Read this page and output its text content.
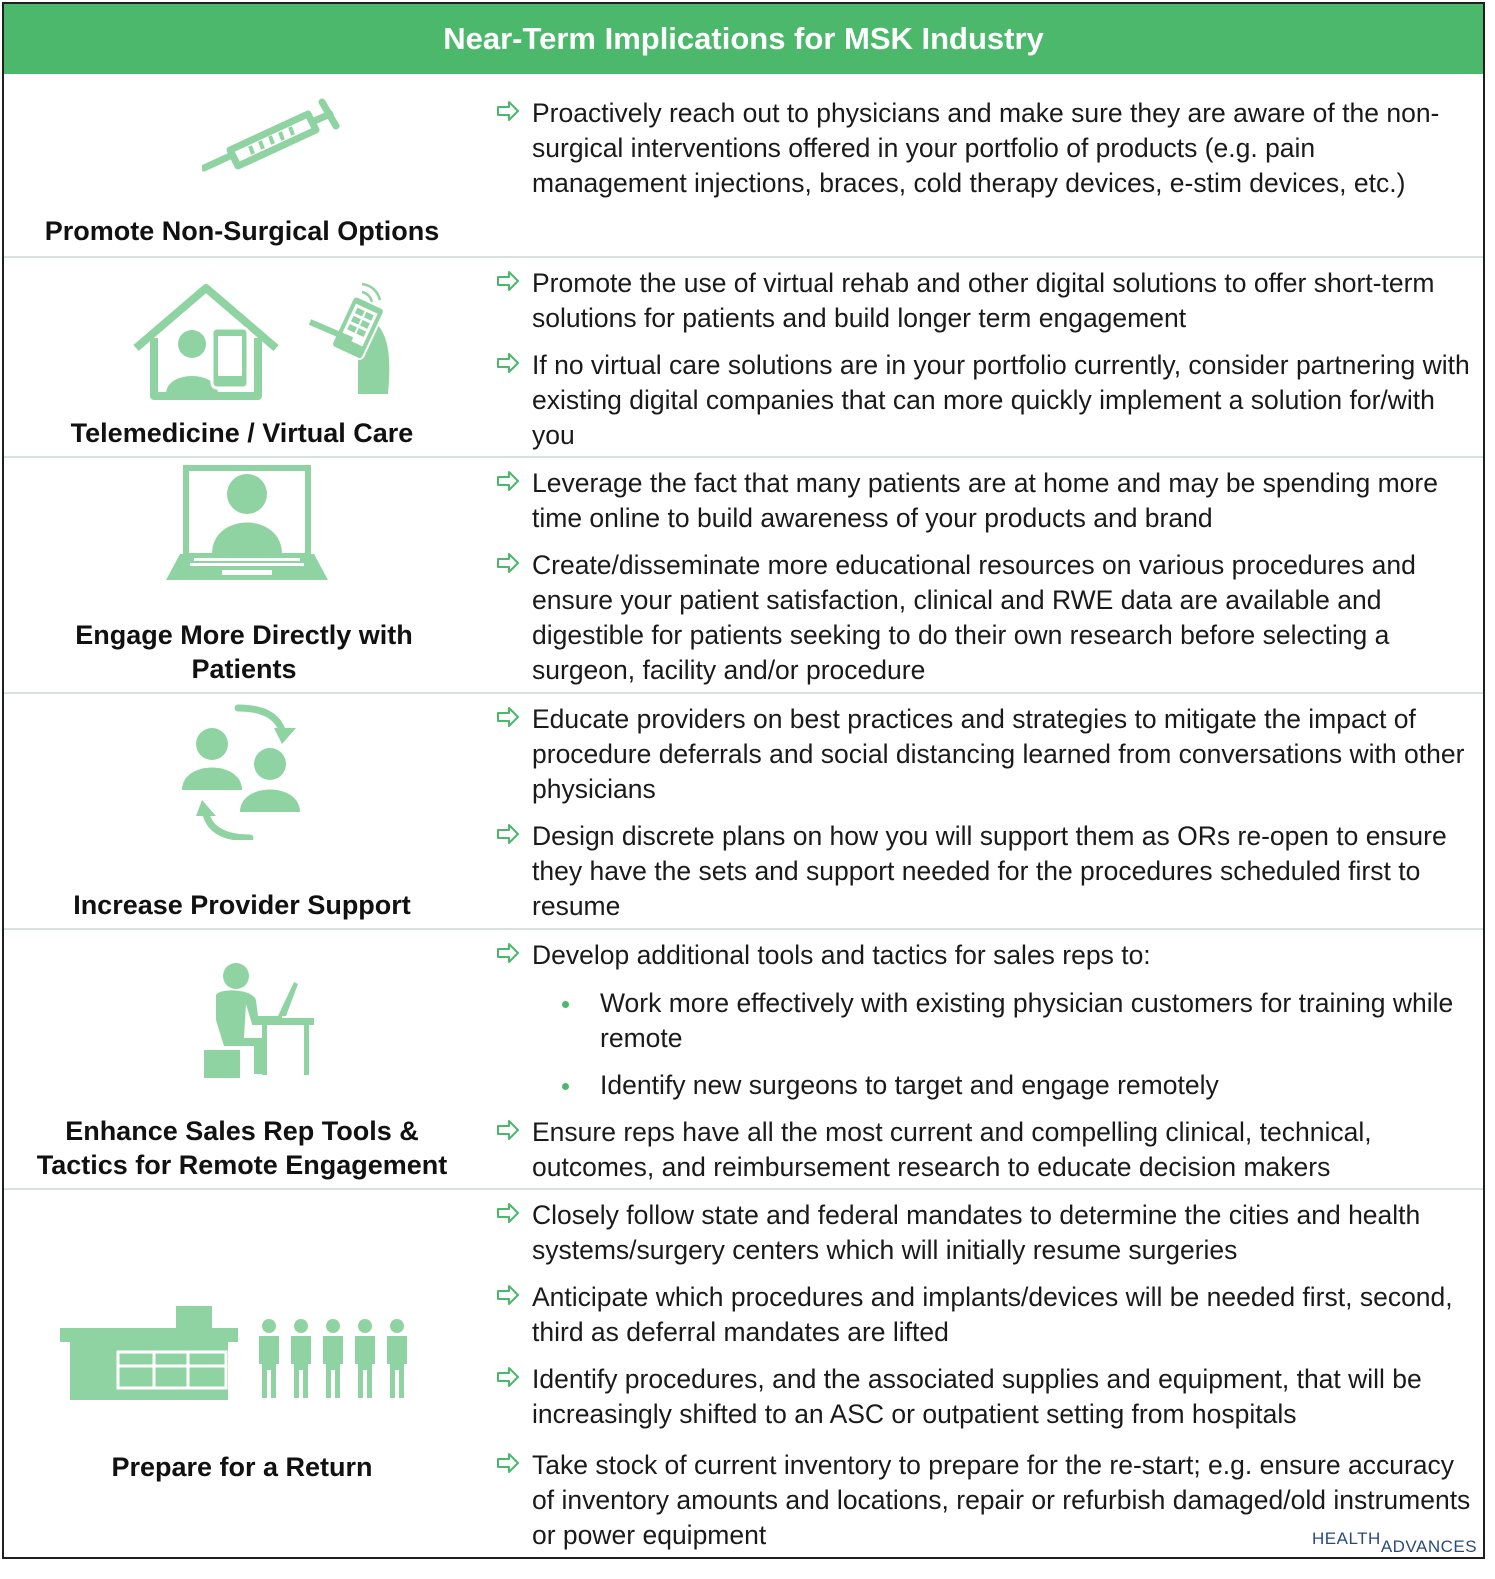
Near-Term Implications for MSK Industry
Promote Non-Surgical Options
Proactively reach out to physicians and make sure they are aware of the non-surgical interventions offered in your portfolio of products (e.g. pain management injections, braces, cold therapy devices, e-stim devices, etc.)
Telemedicine / Virtual Care
Promote the use of virtual rehab and other digital solutions to offer short-term solutions for patients and build longer term engagement
If no virtual care solutions are in your portfolio currently, consider partnering with existing digital companies that can more quickly implement a solution for/with you
Engage More Directly with Patients
Leverage the fact that many patients are at home and may be spending more time online to build awareness of your products and brand
Create/disseminate more educational resources on various procedures and ensure your patient satisfaction, clinical and RWE data are available and digestible for patients seeking to do their own research before selecting a surgeon, facility and/or procedure
Increase Provider Support
Educate providers on best practices and strategies to mitigate the impact of procedure deferrals and social distancing learned from conversations with other physicians
Design discrete plans on how you will support them as ORs re-open to ensure they have the sets and support needed for the procedures scheduled first to resume
Enhance Sales Rep Tools & Tactics for Remote Engagement
Develop additional tools and tactics for sales reps to:
Work more effectively with existing physician customers for training while remote
Identify new surgeons to target and engage remotely
Ensure reps have all the most current and compelling clinical, technical, outcomes, and reimbursement research to educate decision makers
Prepare for a Return
Closely follow state and federal mandates to determine the cities and health systems/surgery centers which will initially resume surgeries
Anticipate which procedures and implants/devices will be needed first, second, third as deferral mandates are lifted
Identify procedures, and the associated supplies and equipment, that will be increasingly shifted to an ASC or outpatient setting from hospitals
Take stock of current inventory to prepare for the re-start; e.g. ensure accuracy of inventory amounts and locations, repair or refurbish damaged/old instruments or power equipment	HEALTHADVANCES
